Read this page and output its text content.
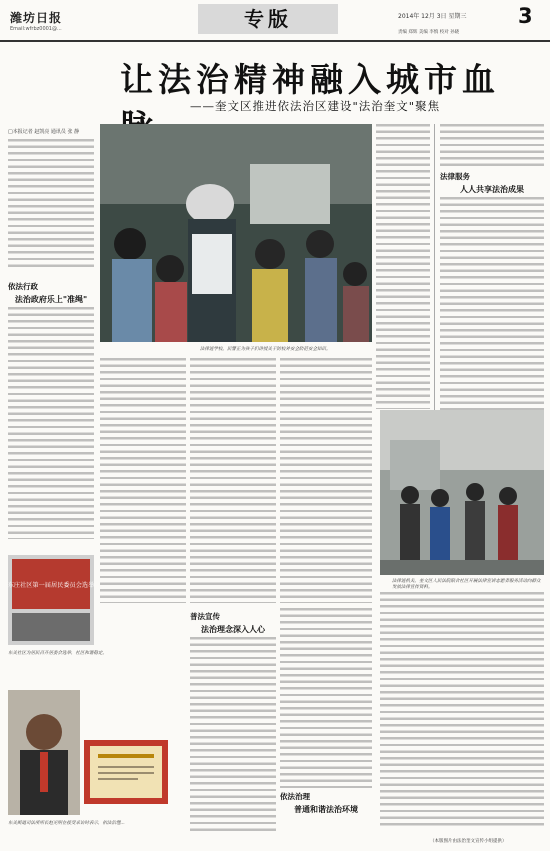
潍坊日报
Email:wfrbz0001@...	专版	2014年 12月 3日 星期三 3
责编 郑辉 美编 李慎 校对 孙晓
让法治精神融入城市血
——奎文区推进依法治区建设"法治奎文"聚焦
□本报记者 赵凯亮 通讯员 张 静
依法行政
法治政府乐上"准绳"
法律进学校。民警正为孩子们讲授关于防校外安全防范安全知识。
法律服务
人人共享法治成果
法律进机关。奎文区人民法院联合社区开展法律宣讲志愿者服务活动向群众发放法律宣传资料。
东庄社区第一届居民委员会选举
东关社区为居民召开居委会选举，社区和谐稳定。
东关街道司法所所长赵光明在接受采访时表示，依法治理...
普法宣传
法治理念深入人心
依法治理
普通和谐法治环境
（本版图片由法治奎文宣传小组提供）
